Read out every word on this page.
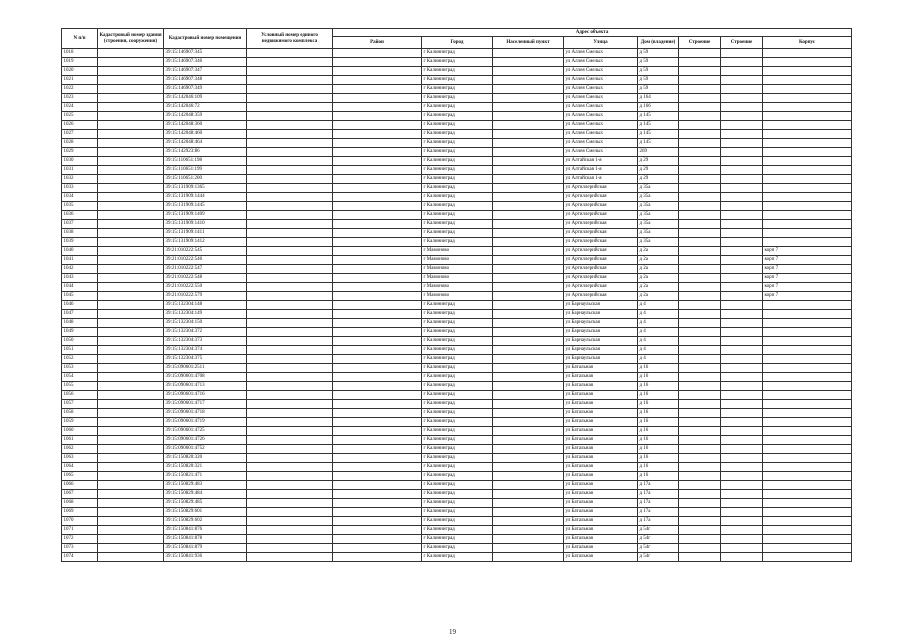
N п/п	Кадастровый номер здания (строения, сооружения)	Кадастровый номер помещения	Условный номер единого недвижимого комплекса	Адрес объекта							
				Район	Город	Населенный пункт	Улица	Дом (владение)	Строение	Строение	Корпус
1018		39:15:146907:345			г Калининград		ул Аллея Смелых	д 59			
1019		39:15:146907:346			г Калининград		ул Аллея Смелых	д 59			
1020		39:15:146907:347			г Калининград		ул Аллея Смелых	д 59			
1021		39:15:146907:348			г Калининград		ул Аллея Смелых	д 59			
1022		39:15:146907:349			г Калининград		ул Аллея Смелых	д 59			
1023		39:15:142046:109			г Калининград		ул Аллея Смелых	д 164			
1024		39:15:142046:72			г Калининград		ул Аллея Смелых	д 166			
1025		39:15:142048:359			г Калининград		ул Аллея Смелых	д 145			
1026		39:15:142048:360			г Калининград		ул Аллея Смелых	д 145			
1027		39:15:142048:460			г Калининград		ул Аллея Смелых	д 145			
1028		39:15:142048:464			г Калининград		ул Аллея Смелых	д 145			
1029		39:15:142923:86			г Калининград		ул Аллея Смелых	269			
1030		39:15:110651:198			г Калининград		ул Алтайская 1-я	д 29			
1031		39:15:110651:199			г Калининград		ул Алтайская 1-я	д 29			
1032		39:15:110651:200			г Калининград		ул Алтайская 1-я	д 29			
1033		39:15:131909:1365			г Калининград		ул Артиллерийская	д 35а			
1034		39:15:131909:1444			г Калининград		ул Артиллерийская	д 35а			
1035		39:15:131909:1445			г Калининград		ул Артиллерийская	д 35а			
1036		39:15:131909:1409			г Калининград		ул Артиллерийская	д 35а			
1037		39:15:131909:1410			г Калининград		ул Артиллерийская	д 35а			
1038		39:15:131909:1411			г Калининград		ул Артиллерийская	д 35а			
1039		39:15:131909:1412			г Калининград		ул Артиллерийская	д 35а			
1040		39:21:010222:545			г Мамоново		ул Артиллерийская	д 2а			корп 7
1041		39:21:010222:546			г Мамоново		ул Артиллерийская	д 2а			корп 7
1042		39:21:010222:547			г Мамоново		ул Артиллерийская	д 2а			корп 7
1043		39:21:010222:548			г Мамоново		ул Артиллерийская	д 2а			корп 7
1044		39:21:010222:550			г Мамоново		ул Артиллерийская	д 2а			корп 7
1045		39:21:010222:579			г Мамоново		ул Артиллерийская	д 2а			корп 7
1046		39:15:132304:148			г Калининград		ул Барнаульская	д 4			
1047		39:15:132304:149			г Калининград		ул Барнаульская	д 4			
1048		39:15:132304:150			г Калининград		ул Барнаульская	д 4			
1049		39:15:132304:372			г Калининград		ул Барнаульская	д 4			
1050		39:15:132304:373			г Калининград		ул Барнаульская	д 4			
1051		39:15:132304:374			г Калининград		ул Барнаульская	д 4			
1052		39:15:132304:375			г Калининград		ул Барнаульская	д 4			
1053		39:15:090601:2511			г Калининград		ул Батальная	д 16			
1054		39:15:090601:4708			г Калининград		ул Батальная	д 16			
1055		39:15:090601:4713			г Калининград		ул Батальная	д 16			
1056		39:15:090601:4716			г Калининград		ул Батальная	д 16			
1057		39:15:090601:4717			г Калининград		ул Батальная	д 16			
1058		39:15:090601:4718			г Калининград		ул Батальная	д 16			
1059		39:15:090601:4719			г Калининград		ул Батальная	д 16			
1060		39:15:090601:4725			г Калининград		ул Батальная	д 16			
1061		39:15:090601:4726			г Калининград		ул Батальная	д 16			
1062		39:15:090601:4752			г Калининград		ул Батальная	д 16			
1063		39:15:150820:320			г Калининград		ул Батальная	д 16			
1064		39:15:150820:321			г Калининград		ул Батальная	д 16			
1065		39:15:150821:471			г Калининград		ул Батальная	д 16			
1066		39:15:150829:483			г Калининград		ул Батальная	д 17а			
1067		39:15:150829:484			г Калининград		ул Батальная	д 17а			
1068		39:15:150829:485			г Калининград		ул Батальная	д 17а			
1069		39:15:150829:601			г Калининград		ул Батальная	д 17а			
1070		39:15:150829:602			г Калининград		ул Батальная	д 17а			
1071		39:15:150841:876			г Калининград		ул Батальная	д 54г			
1072		39:15:150841:878			г Калининград		ул Батальная	д 54г			
1073		39:15:150841:879			г Калининград		ул Батальная	д 54г			
1074		39:15:150841:936			г Калининград		ул Батальная	д 54г			
19
